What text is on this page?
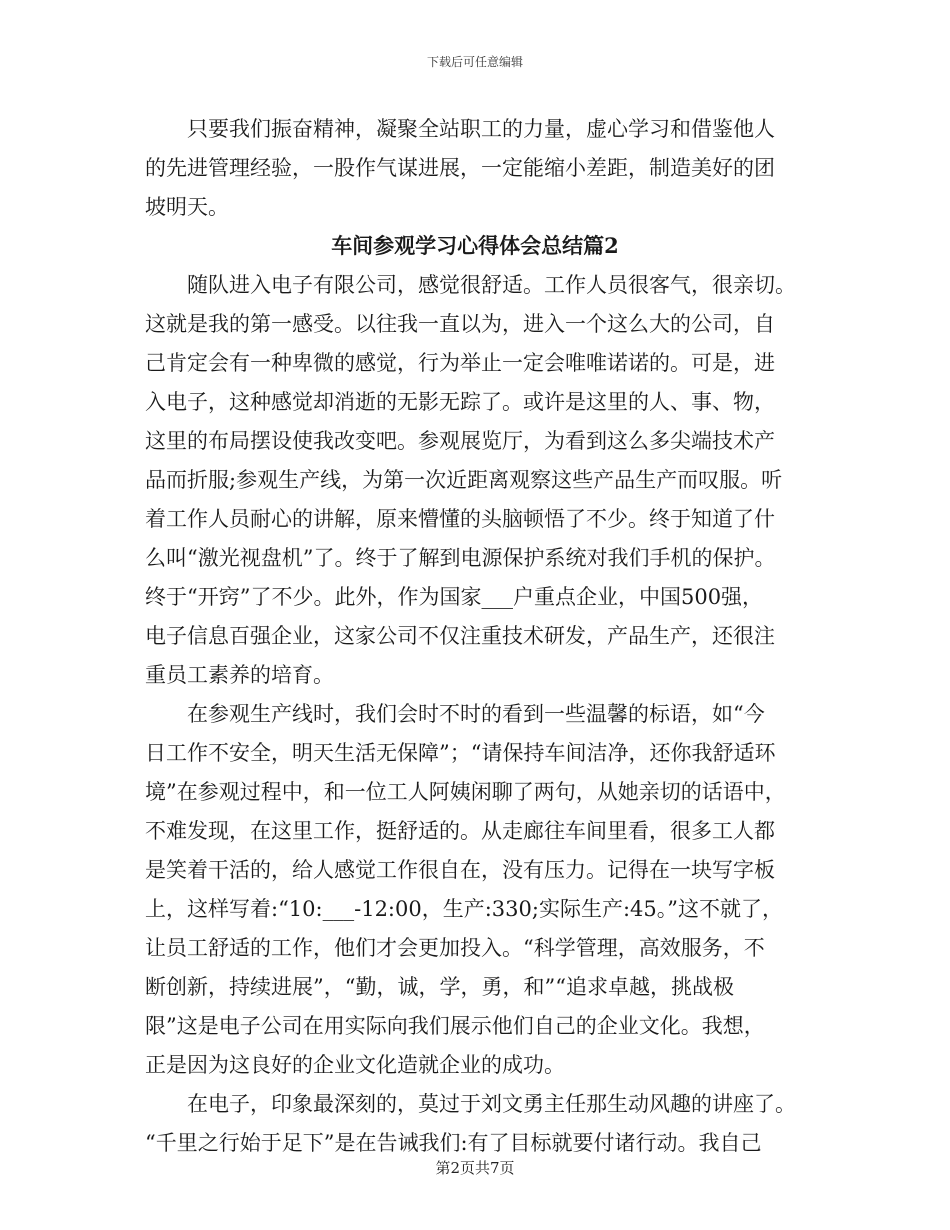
下载后可任意编辑
只要我们振奋精神，凝聚全站职工的力量，虚心学习和借鉴他人
的先进管理经验，一股作气谋进展，一定能缩小差距，制造美好的团
坡明天。
车间参观学习心得体会总结篇2
随队进入电子有限公司，感觉很舒适。工作人员很客气，很亲切。
这就是我的第一感受。以往我一直以为，进入一个这么大的公司，自
己肯定会有一种卑微的感觉，行为举止一定会唯唯诺诺的。可是，进
入电子，这种感觉却消逝的无影无踪了。或许是这里的人、事、物，
这里的布局摆设使我改变吧。参观展览厅，为看到这么多尖端技术产
品而折服;参观生产线，为第一次近距离观察这些产品生产而叹服。听
着工作人员耐心的讲解，原来懵懂的头脑顿悟了不少。终于知道了什
么叫“激光视盘机”了。终于了解到电源保护系统对我们手机的保护。
终于“开窍”了不少。此外，作为国家___户重点企业，中国500强，
电子信息百强企业，这家公司不仅注重技术研发，产品生产，还很注
重员工素养的培育。
在参观生产线时，我们会时不时的看到一些温馨的标语，如“今
日工作不安全，明天生活无保障”；“请保持车间洁净，还你我舒适环
境”在参观过程中，和一位工人阿姨闲聊了两句，从她亲切的话语中，
不难发现，在这里工作，挺舒适的。从走廊往车间里看，很多工人都
是笑着干活的，给人感觉工作很自在，没有压力。记得在一块写字板
上，这样写着:“10:___-12:00，生产:330;实际生产:45。”这不就了，
让员工舒适的工作，他们才会更加投入。“科学管理，高效服务，不
断创新，持续进展”，“勤，诚，学，勇，和”“追求卓越，挑战极
限”这是电子公司在用实际向我们展示他们自己的企业文化。我想，
正是因为这良好的企业文化造就企业的成功。
在电子，印象最深刻的，莫过于刘文勇主任那生动风趣的讲座了。
“千里之行始于足下”是在告诫我们:有了目标就要付诸行动。我自己
第2页共7页
